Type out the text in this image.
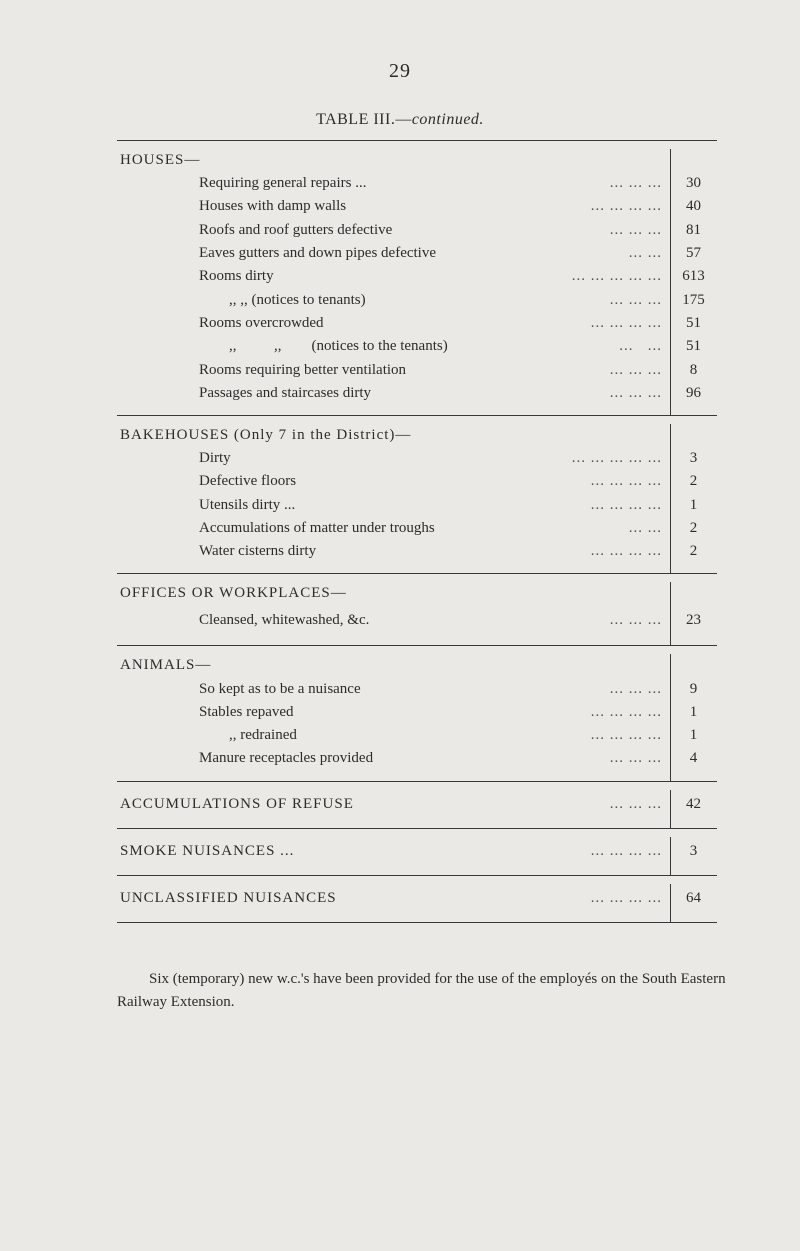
29
TABLE III.—continued.
HOUSES—
Requiring general repairs ...	... ... ...	30
Houses with damp walls	... ... ... ...	40
Roofs and roof gutters defective	... ... ...	81
Eaves gutters and down pipes defective	... ...	57
Rooms dirty	... ... ... ... ...	613
,, ,, (notices to tenants)	... ... ...	175
Rooms overcrowded	... ... ... ...	51
,,          ,,        (notices to the tenants)	...   ...	51
Rooms requiring better ventilation	... ... ...	8
Passages and staircases dirty	... ... ...	96
BAKEHOUSES (Only 7 in the District)—
Dirty	... ... ... ... ...	3
Defective floors	... ... ... ...	2
Utensils dirty ...	... ... ... ...	1
Accumulations of matter under troughs	... ...	2
Water cisterns dirty	... ... ... ...	2
OFFICES OR WORKPLACES—
Cleansed, whitewashed, &c.	... ... ...	23
ANIMALS—
So kept as to be a nuisance	... ... ...	9
Stables repaved	... ... ... ...	1
,, redrained	... ... ... ...	1
Manure receptacles provided	... ... ...	4
ACCUMULATIONS OF REFUSE	... ... ...	42
SMOKE NUISANCES ...	... ... ... ...	3
UNCLASSIFIED NUISANCES	... ... ... ...	64

Six (temporary) new w.c.'s have been provided for the use of the employés on the South Eastern Railway Extension.
